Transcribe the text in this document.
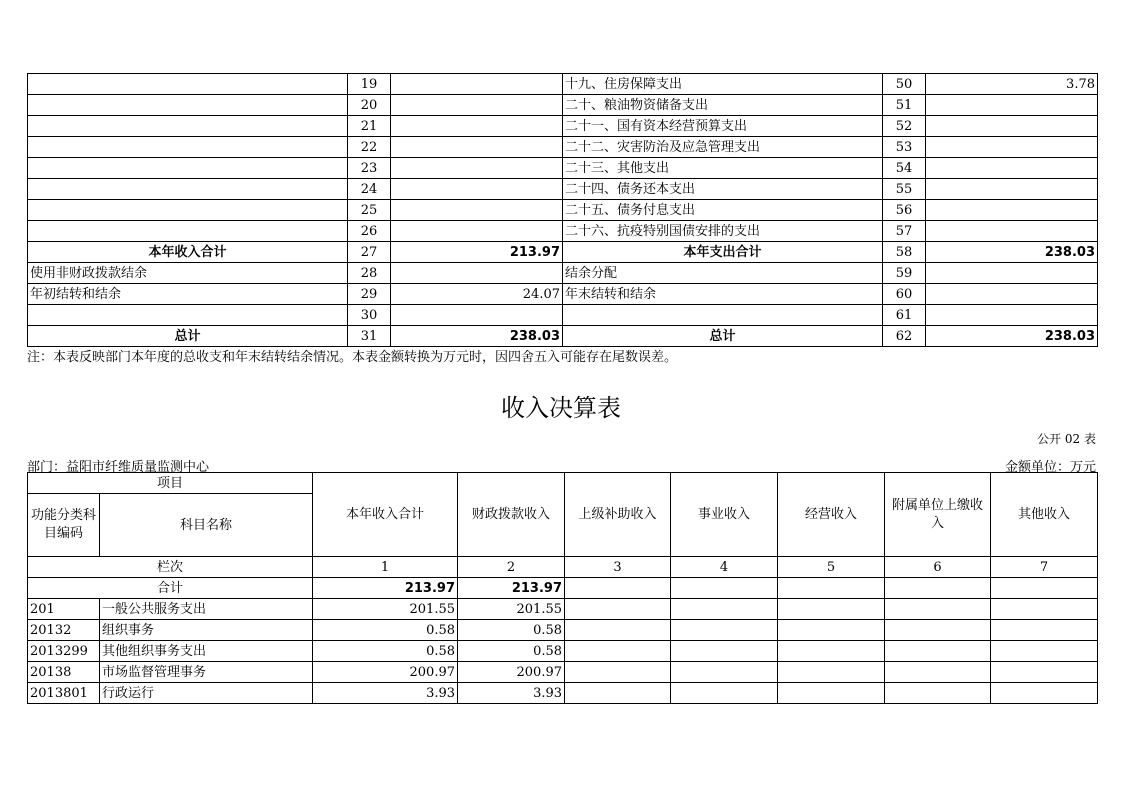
	19		十九、住房保障支出	50	3.78
	20		二十、粮油物资储备支出	51	
	21		二十一、国有资本经营预算支出	52	
	22		二十二、灾害防治及应急管理支出	53	
	23		二十三、其他支出	54	
	24		二十四、债务还本支出	55	
	25		二十五、债务付息支出	56	
	26		二十六、抗疫特别国债安排的支出	57	
本年收入合计	27	213.97	本年支出合计	58	238.03
使用非财政拨款结余	28		结余分配	59	
年初结转和结余	29	24.07	年末结转和结余	60	
	30			61	
总计	31	238.03	总计	62	238.03
注：本表反映部门本年度的总收支和年末结转结余情况。本表金额转换为万元时，因四舍五入可能存在尾数误差。
收入决算表
公开 02 表
部门：益阳市纤维质量监测中心	金额单位：万元
项目		本年收入合计	财政拨款收入	上级补助收入	事业收入	经营收入	附属单位上缴收入	其他收入
功能分类科目编码	科目名称							
栏次		1	2	3	4	5	6	7
合计		213.97	213.97					
201	一般公共服务支出	201.55	201.55					
20132	组织事务	0.58	0.58					
2013299	其他组织事务支出	0.58	0.58					
20138	市场监督管理事务	200.97	200.97					
2013801	行政运行	3.93	3.93					
